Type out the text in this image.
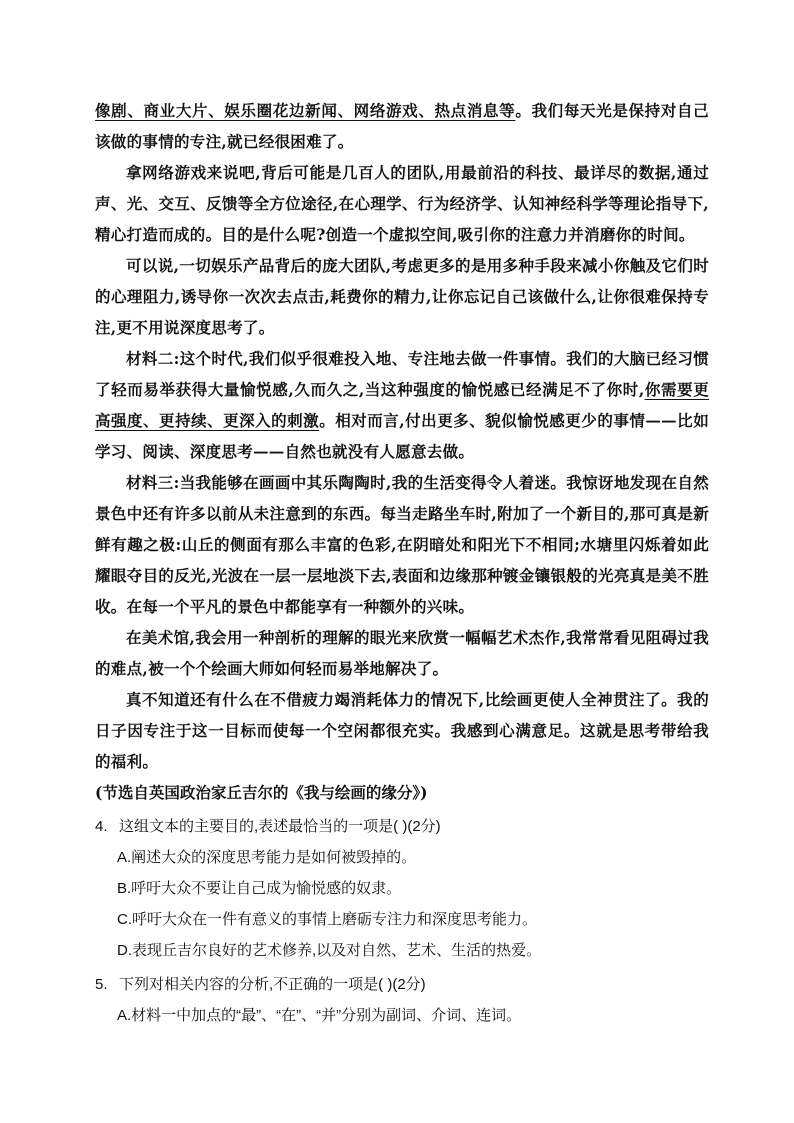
像剧、商业大片、娱乐圈花边新闻、网络游戏、热点消息等。我们每天光是保持对自己该做的事情的专注,就已经很困难了。

拿网络游戏来说吧,背后可能是几百人的团队,用最前沿的科技、最详尽的数据,通过声、光、交互、反馈等全方位途径,在心理学、行为经济学、认知神经科学等理论指导下,精心打造而成的。目的是什么呢?创造一个虚拟空间,吸引你的注意力并消磨你的时间。

可以说,一切娱乐产品背后的庞大团队,考虑更多的是用多种手段来减小你触及它们时的心理阻力,诱导你一次次去点击,耗费你的精力,让你忘记自己该做什么,让你很难保持专注,更不用说深度思考了。

材料二:这个时代,我们似乎很难投入地、专注地去做一件事情。我们的大脑已经习惯了轻而易举获得大量愉悦感,久而久之,当这种强度的愉悦感已经满足不了你时,你需要更高强度、更持续、更深入的刺激。相对而言,付出更多、貌似愉悦感更少的事情——比如学习、阅读、深度思考——自然也就没有人愿意去做。

材料三:当我能够在画画中其乐陶陶时,我的生活变得令人着迷。我惊讶地发现在自然景色中还有许多以前从未注意到的东西。每当走路坐车时,附加了一个新目的,那可真是新鲜有趣之极:山丘的侧面有那么丰富的色彩,在阴暗处和阳光下不相同;水塘里闪烁着如此耀眼夺目的反光,光波在一层一层地淡下去,表面和边缘那种镀金镶银般的光亮真是美不胜收。在每一个平凡的景色中都能享有一种额外的兴味。

在美术馆,我会用一种剖析的理解的眼光来欣赏一幅幅艺术杰作,我常常看见阻碍过我的难点,被一个个绘画大师如何轻而易举地解决了。

真不知道还有什么在不借疲力竭消耗体力的情况下,比绘画更使人全神贯注了。我的日子因专注于这一目标而使每一个空闲都很充实。我感到心满意足。这就是思考带给我的福利。

(节选自英国政治家丘吉尔的《我与绘画的缘分》)

4. 这组文本的主要目的,表述最恰当的一项是( )(2分)

A.阐述大众的深度思考能力是如何被毁掉的。

B.呼吁大众不要让自己成为愉悦感的奴隶。

C.呼吁大众在一件有意义的事情上磨砺专注力和深度思考能力。

D.表现丘吉尔良好的艺术修养,以及对自然、艺术、生活的热爱。

5. 下列对相关内容的分析,不正确的一项是( )(2分)

A.材料一中加点的“最”、“在”、“并”分别为副词、介词、连词。
